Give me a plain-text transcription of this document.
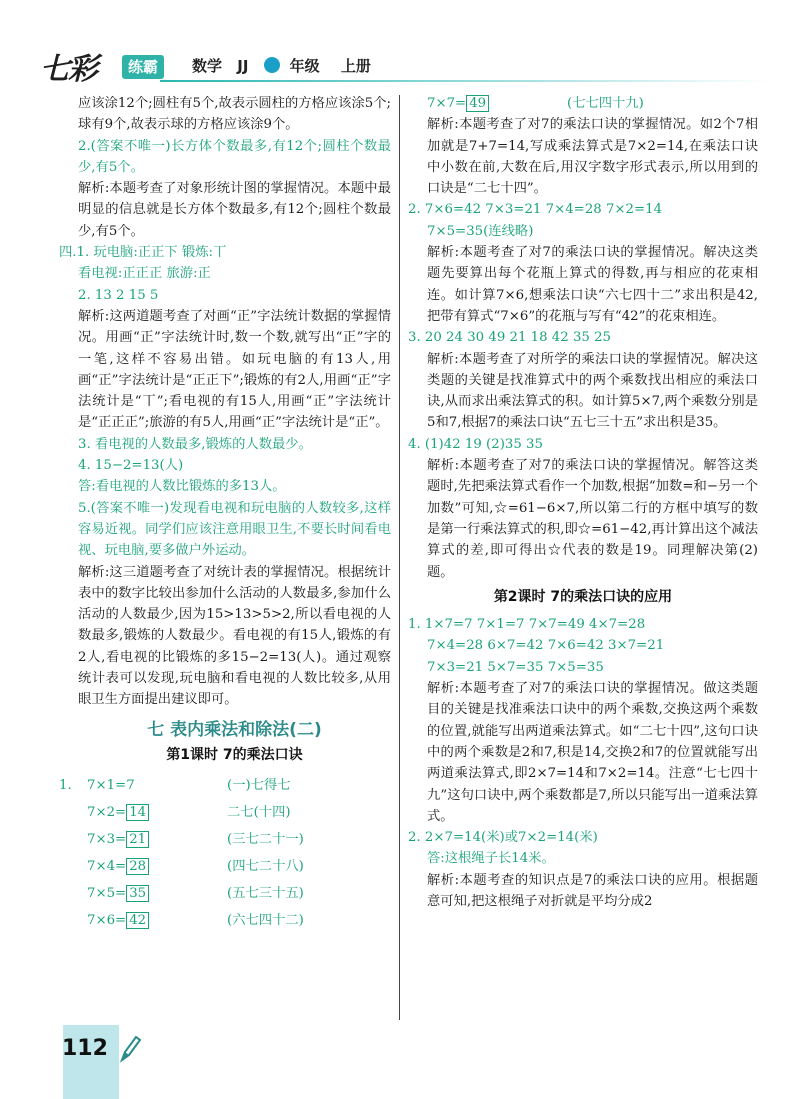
七彩	练霸	数学 JJ	年级 上册

应该涂12个;圆柱有5个,故表示圆柱的方格应该涂5个;球有9个,故表示球的方格应该涂9个。

2.(答案不唯一)长方体个数最多,有12个;圆柱个数最少,有5个。

解析:本题考查了对象形统计图的掌握情况。本题中最明显的信息就是长方体个数最多,有12个;圆柱个数最少,有5个。

四.1. 玩电脑:正正下 锻炼:丅

看电视:正正正 旅游:正

2. 13 2 15 5

解析:这两道题考查了对画“正”字法统计数据的掌握情况。用画“正”字法统计时,数一个数,就写出“正”字的一笔,这样不容易出错。如玩电脑的有13人,用画“正”字法统计是“正正下”;锻炼的有2人,用画“正”字法统计是“丅”;看电视的有15人,用画“正”字法统计是“正正正”;旅游的有5人,用画“正”字法统计是“正”。

3. 看电视的人数最多,锻炼的人数最少。

4. 15−2=13(人)

答:看电视的人数比锻炼的多13人。

5.(答案不唯一)发现看电视和玩电脑的人数较多,这样容易近视。同学们应该注意用眼卫生,不要长时间看电视、玩电脑,要多做户外运动。

解析:这三道题考查了对统计表的掌握情况。根据统计表中的数字比较出参加什么活动的人数最多,参加什么活动的人数最少,因为15>13>5>2,所以看电视的人数最多,锻炼的人数最少。看电视的有15人,锻炼的有2人,看电视的比锻炼的多15−2=13(人)。通过观察统计表可以发现,玩电脑和看电视的人数比较多,从用眼卫生方面提出建议即可。

七 表内乘法和除法(二)
第1课时 7的乘法口诀
1.	7×1=7	(一)七得七
7×2= 14	二七(十四)
7×3= 21	(三七二十一)
7×4= 28	(四七二十八)
7×5= 35	(五七三十五)
7×6= 42	(六七四十二)
7×7= 49	(七七四十九)

解析:本题考查了对7的乘法口诀的掌握情况。如2个7相加就是7+7=14,写成乘法算式是7×2=14,在乘法口诀中小数在前,大数在后,用汉字数字形式表示,所以用到的口诀是“二七十四”。

2. 7×6=42 7×3=21 7×4=28 7×2=14

7×5=35(连线略)

解析:本题考查了对7的乘法口诀的掌握情况。解决这类题先要算出每个花瓶上算式的得数,再与相应的花束相连。如计算7×6,想乘法口诀“六七四十二”求出积是42,把带有算式“7×6”的花瓶与写有“42”的花束相连。

3. 20 24 30 49 21 18 42 35 25

解析:本题考查了对所学的乘法口诀的掌握情况。解决这类题的关键是找准算式中的两个乘数找出相应的乘法口诀,从而求出乘法算式的积。如计算5×7,两个乘数分别是5和7,根据7的乘法口诀“五七三十五”求出积是35。

4. (1)42 19 (2)35 35

解析:本题考查了对7的乘法口诀的掌握情况。解答这类题时,先把乘法算式看作一个加数,根据“加数=和−另一个加数”可知,☆=61−6×7,所以第二行的方框中填写的数是第一行乘法算式的积,即☆=61−42,再计算出这个减法算式的差,即可得出☆代表的数是19。同理解决第(2)题。

第2课时 7的乘法口诀的应用

1. 1×7=7 7×1=7 7×7=49 4×7=28

7×4=28 6×7=42 7×6=42 3×7=21

7×3=21 5×7=35 7×5=35

解析:本题考查了对7的乘法口诀的掌握情况。做这类题目的关键是找准乘法口诀中的两个乘数,交换这两个乘数的位置,就能写出两道乘法算式。如“二七十四”,这句口诀中的两个乘数是2和7,积是14,交换2和7的位置就能写出两道乘法算式,即2×7=14和7×2=14。注意“七七四十九”这句口诀中,两个乘数都是7,所以只能写出一道乘法算式。

2. 2×7=14(米)或7×2=14(米)

答:这根绳子长14米。

解析:本题考查的知识点是7的乘法口诀的应用。根据题意可知,把这根绳子对折就是平均分成2

112
